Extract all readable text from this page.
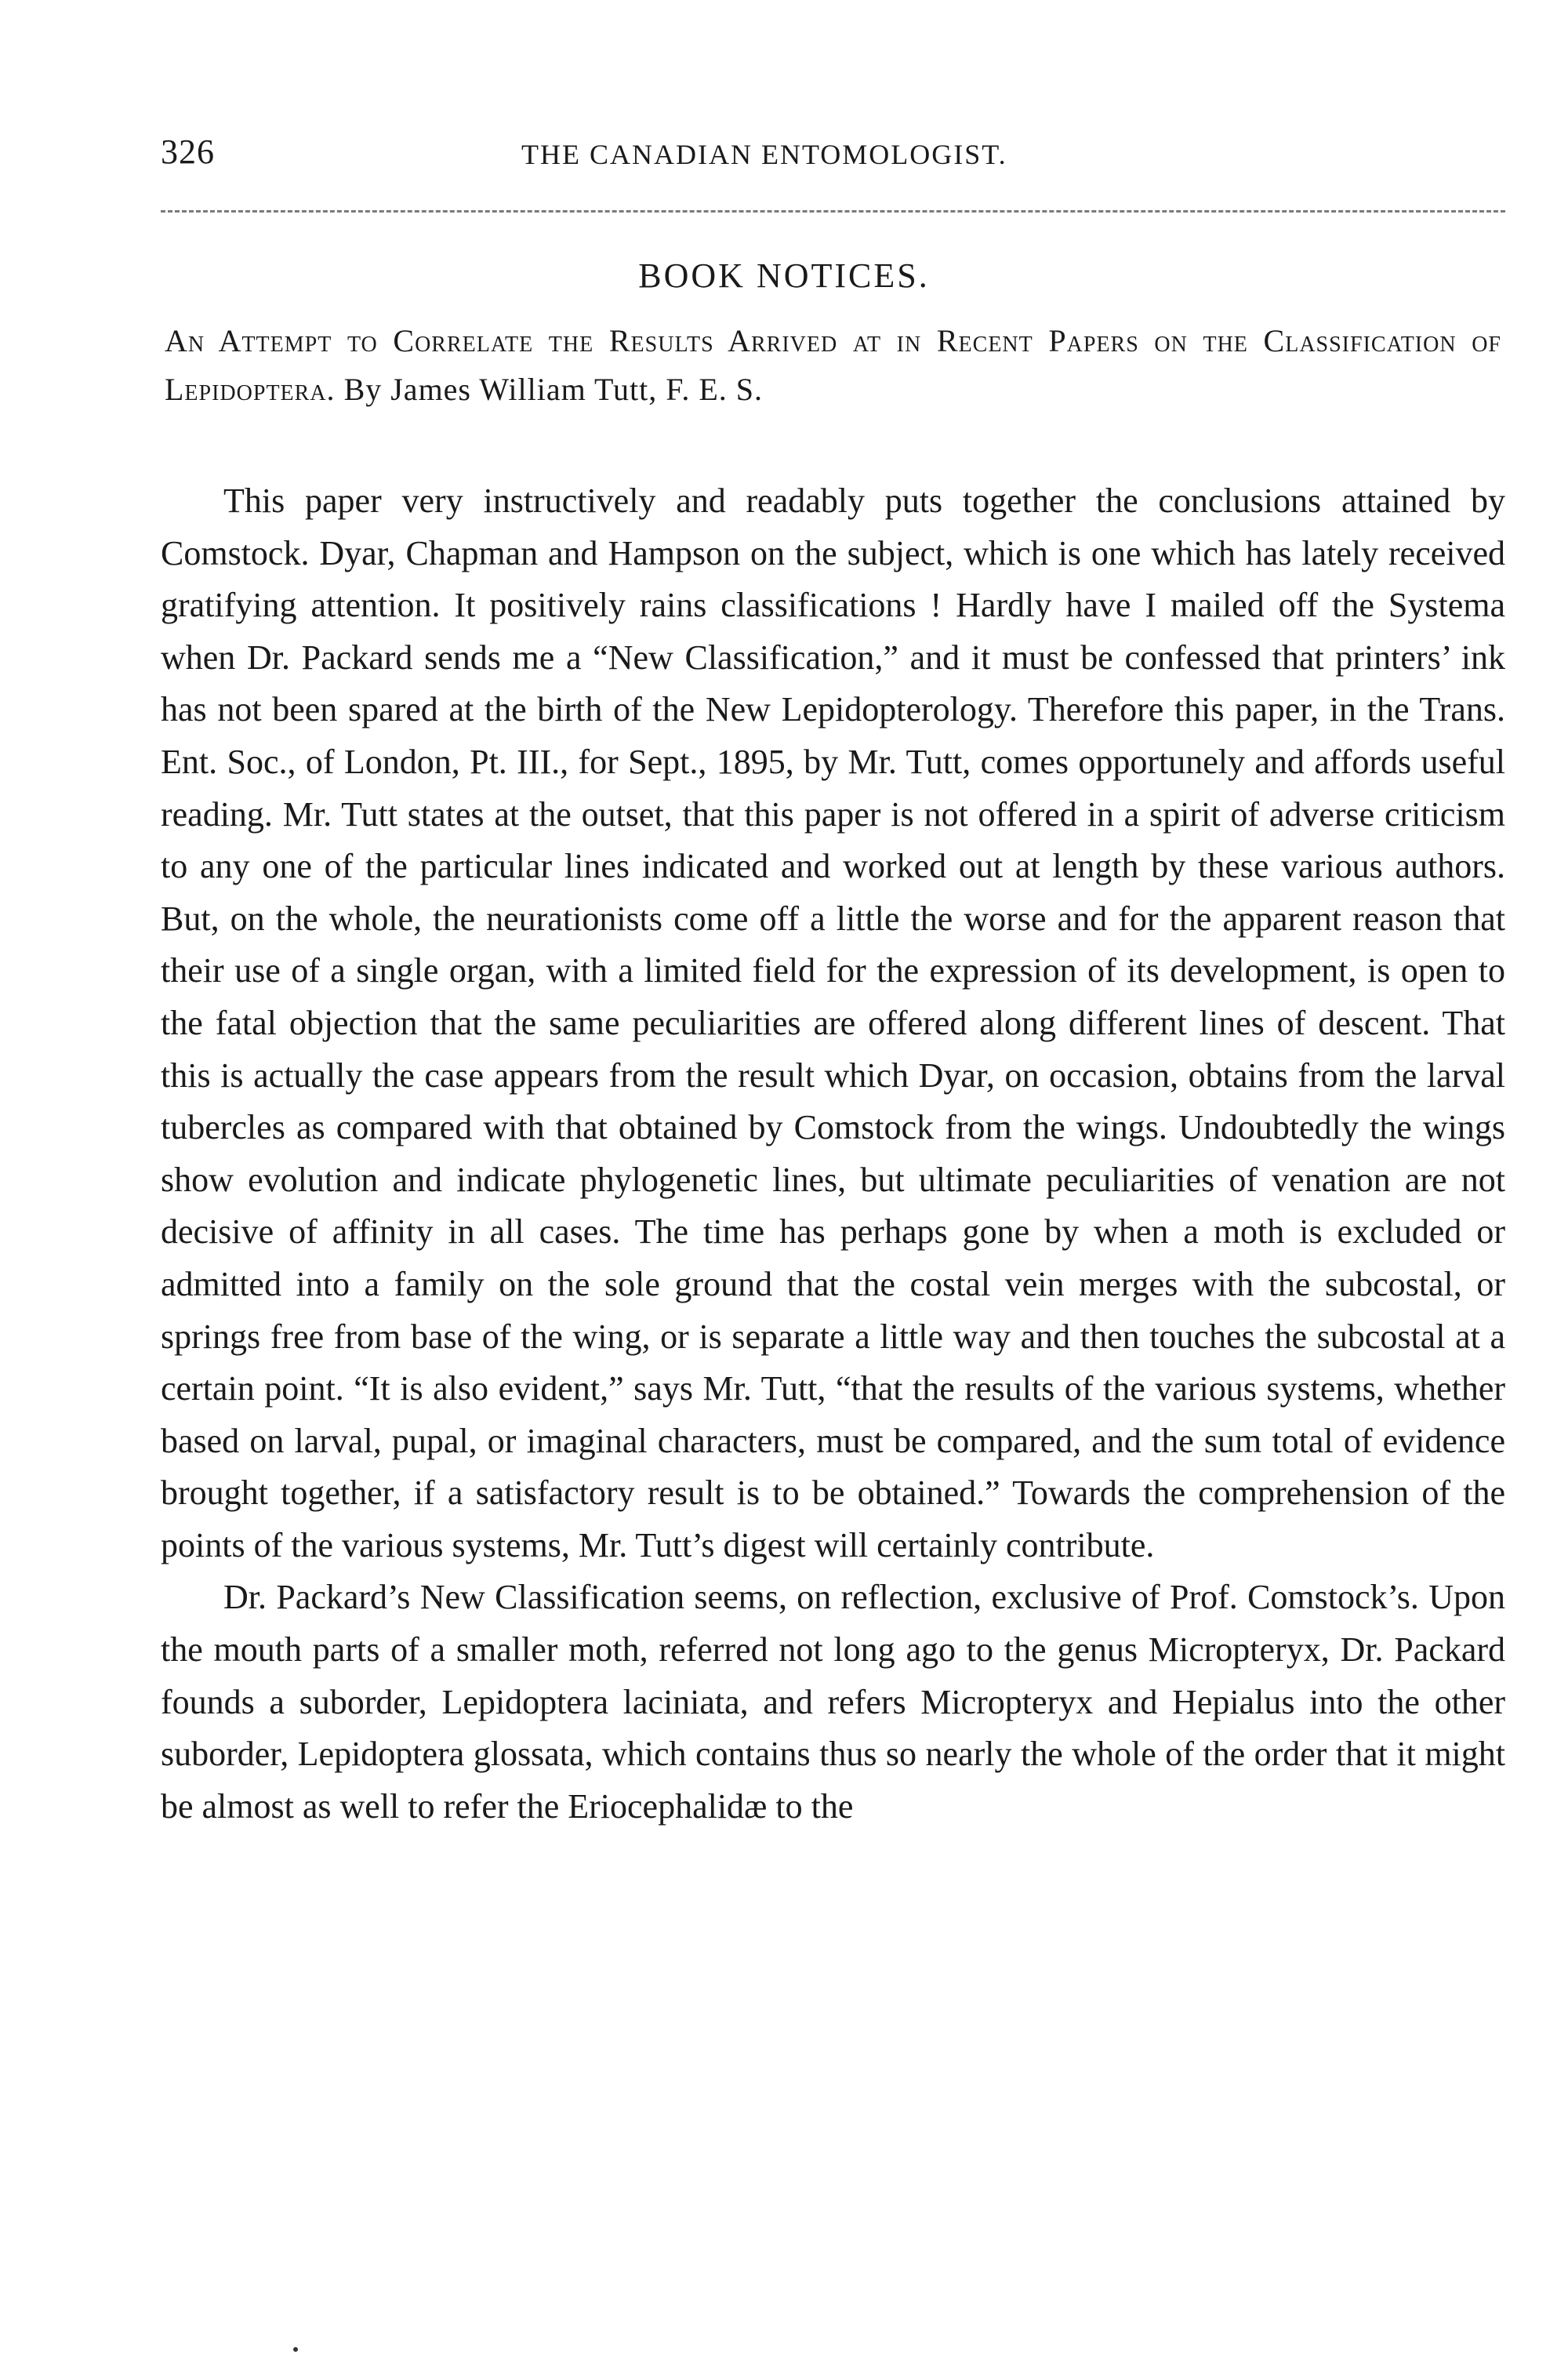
326	THE CANADIAN ENTOMOLOGIST.
BOOK NOTICES.
An Attempt to Correlate the Results Arrived at in Recent Papers on the Classification of Lepidoptera. By James William Tutt, F. E. S.

This paper very instructively and readably puts together the conclusions attained by Comstock. Dyar, Chapman and Hampson on the subject, which is one which has lately received gratifying attention. It positively rains classifications ! Hardly have I mailed off the Systema when Dr. Packard sends me a “New Classification,” and it must be confessed that printers’ ink has not been spared at the birth of the New Lepidopterology. Therefore this paper, in the Trans. Ent. Soc., of London, Pt. III., for Sept., 1895, by Mr. Tutt, comes opportunely and affords useful reading. Mr. Tutt states at the outset, that this paper is not offered in a spirit of adverse criticism to any one of the particular lines indicated and worked out at length by these various authors. But, on the whole, the neurationists come off a little the worse and for the apparent reason that their use of a single organ, with a limited field for the expression of its development, is open to the fatal objection that the same peculiarities are offered along different lines of descent. That this is actually the case appears from the result which Dyar, on occasion, obtains from the larval tubercles as compared with that obtained by Comstock from the wings. Undoubtedly the wings show evolution and indicate phylogenetic lines, but ultimate peculiarities of venation are not decisive of affinity in all cases. The time has perhaps gone by when a moth is excluded or admitted into a family on the sole ground that the costal vein merges with the subcostal, or springs free from base of the wing, or is separate a little way and then touches the subcostal at a certain point. “It is also evident,” says Mr. Tutt, “that the results of the various systems, whether based on larval, pupal, or imaginal characters, must be compared, and the sum total of evidence brought together, if a satisfactory result is to be obtained.” Towards the comprehension of the points of the various systems, Mr. Tutt’s digest will certainly contribute.

Dr. Packard’s New Classification seems, on reflection, exclusive of Prof. Comstock’s. Upon the mouth parts of a smaller moth, referred not long ago to the genus Micropteryx, Dr. Packard founds a suborder, Lepidoptera laciniata, and refers Micropteryx and Hepialus into the other suborder, Lepidoptera glossata, which contains thus so nearly the whole of the order that it might be almost as well to refer the Eriocephalidæ to the
